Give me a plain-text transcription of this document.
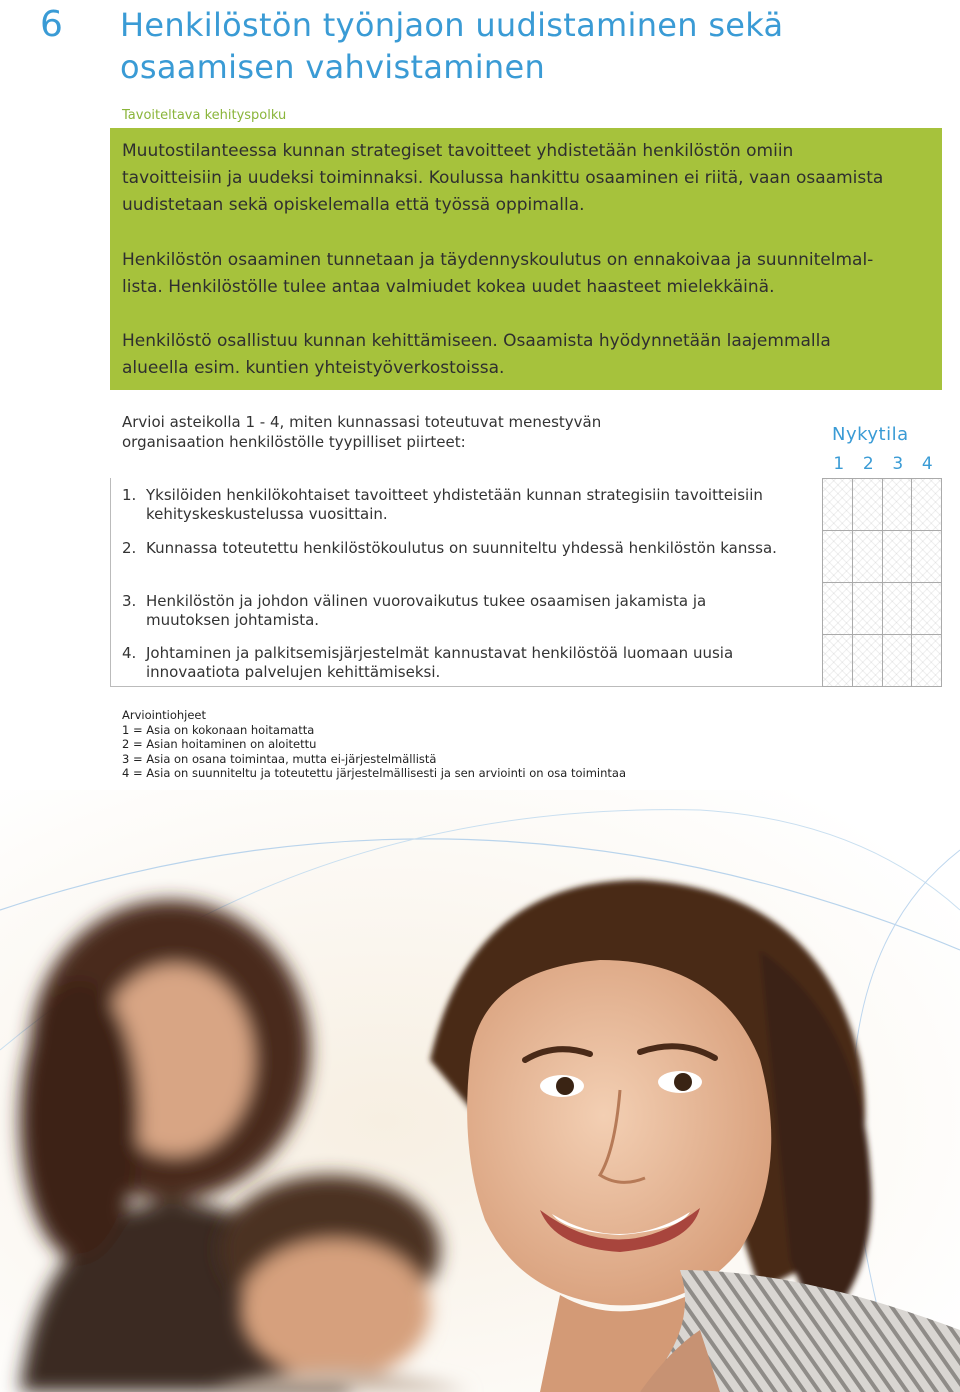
6 Henkilöstön työnjaon uudistaminen sekä
osaamisen vahvistaminen
Tavoiteltava kehityspolku

Muutostilanteessa kunnan strategiset tavoitteet yhdistetään henkilöstön omiin
tavoitteisiin ja uudeksi toiminnaksi. Koulussa hankittu osaaminen ei riitä, vaan osaamista
uudistetaan sekä opiskelemalla että työssä oppimalla.

Henkilöstön osaaminen tunnetaan ja täydennyskoulutus on ennakoivaa ja suunnitelmal-
lista. Henkilöstölle tulee antaa valmiudet kokea uudet haasteet mielekkäinä.

Henkilöstö osallistuu kunnan kehittämiseen. Osaamista hyödynnetään laajemmalla
alueella esim. kuntien yhteistyöverkostoissa.

Arvioi asteikolla 1 - 4, miten kunnassasi toteutuvat menestyvän
organisaation henkilöstölle tyypilliset piirteet:	Nykytila
1	2	3	4
1. Yksilöiden henkilökohtaiset tavoitteet yhdistetään kunnan strategisiin tavoitteisiin kehityskeskustelussa vuosittain.
2. Kunnassa toteutettu henkilöstökoulutus on suunniteltu yhdessä henkilöstön kanssa.
3. Henkilöstön ja johdon välinen vuorovaikutus tukee osaamisen jakamista ja muutoksen johtamista.
4. Johtaminen ja palkitsemisjärjestelmät kannustavat henkilöstöä luomaan uusia innovaatiota palvelujen kehittämiseksi.

Arviointiohjeet
1 = Asia on kokonaan hoitamatta
2 = Asian hoitaminen on aloitettu
3 = Asia on osana toimintaa, mutta ei-järjestelmällistä
4 = Asia on suunniteltu ja toteutettu järjestelmällisesti ja sen arviointi on osa toimintaa
